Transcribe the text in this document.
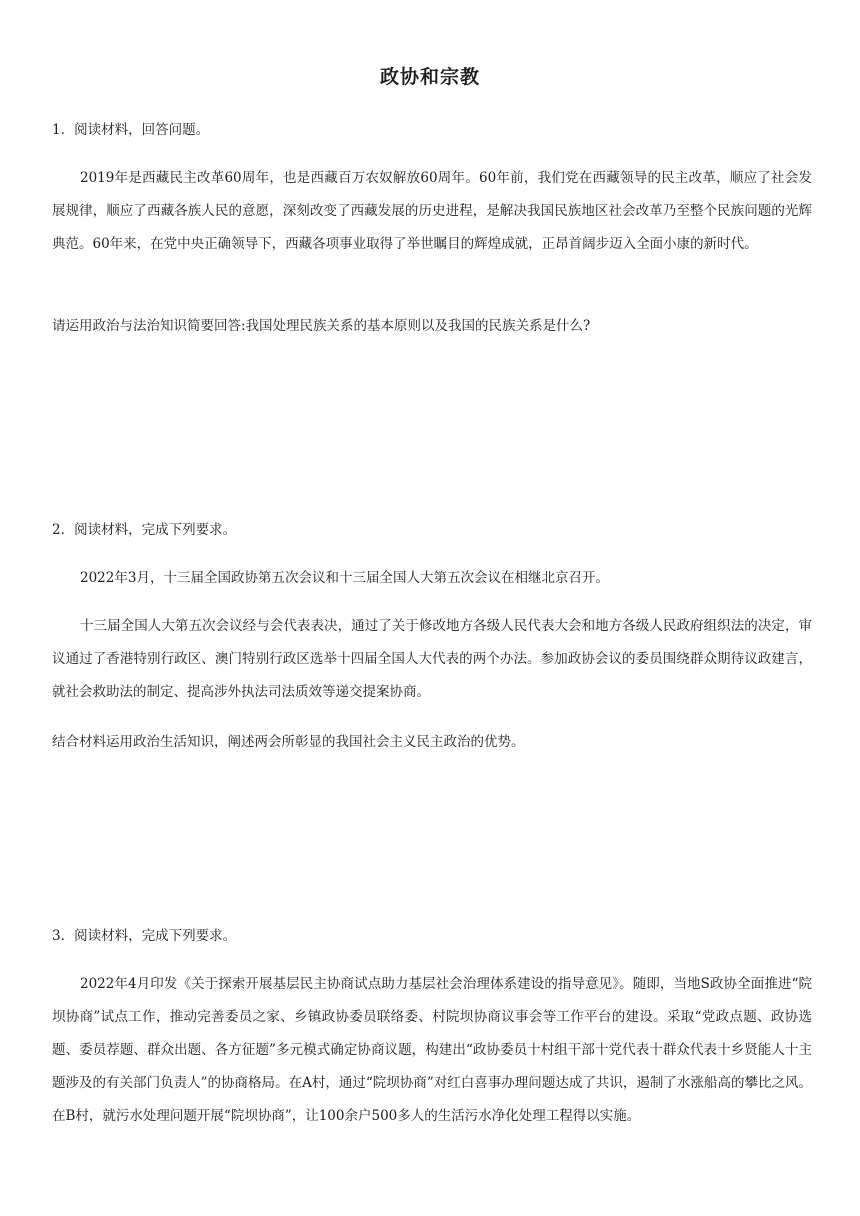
政协和宗教
1．阅读材料，回答问题。
2019年是西藏民主改革60周年，也是西藏百万农奴解放60周年。60年前，我们党在西藏领导的民主改革，顺应了社会发展规律，顺应了西藏各族人民的意愿，深刻改变了西藏发展的历史进程，是解决我国民族地区社会改革乃至整个民族问题的光辉典范。60年来，在党中央正确领导下，西藏各项事业取得了举世瞩目的辉煌成就，正昂首阔步迈入全面小康的新时代。
请运用政治与法治知识简要回答:我国处理民族关系的基本原则以及我国的民族关系是什么?
2．阅读材料，完成下列要求。
2022年3月，十三届全国政协第五次会议和十三届全国人大第五次会议在相继北京召开。
十三届全国人大第五次会议经与会代表表决，通过了关于修改地方各级人民代表大会和地方各级人民政府组织法的决定，审议通过了香港特别行政区、澳门特别行政区选举十四届全国人大代表的两个办法。参加政协会议的委员围绕群众期待议政建言，就社会救助法的制定、提高涉外执法司法质效等递交提案协商。
结合材料运用政治生活知识，阐述两会所彰显的我国社会主义民主政治的优势。
3．阅读材料，完成下列要求。
2022年4月印发《关于探索开展基层民主协商试点助力基层社会治理体系建设的指导意见》。随即，当地S政协全面推进“院坝协商”试点工作，推动完善委员之家、乡镇政协委员联络委、村院坝协商议事会等工作平台的建设。采取“党政点题、政协选题、委员荐题、群众出题、各方征题”多元模式确定协商议题，构建出“政协委员十村组干部十党代表十群众代表十乡贤能人十主题涉及的有关部门负责人”的协商格局。在A村，通过“院坝协商”对红白喜事办理问题达成了共识，遏制了水涨船高的攀比之风。在B村，就污水处理问题开展“院坝协商”，让100余户500多人的生活污水净化处理工程得以实施。
